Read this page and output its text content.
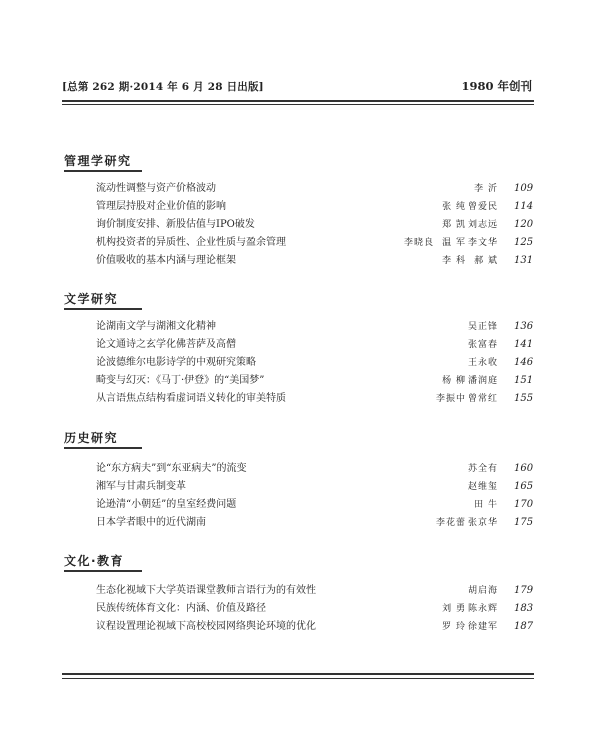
[总第 262 期·2014 年 6 月 28 日出版]	1980 年创刊
管理学研究
流动性调整与资产价格波动	李 沂 109
管理层持股对企业价值的影响	张 纯 曾爱民 114
询价制度安排、新股估值与IPO破发	郑 凯 刘志远 120
机构投资者的异质性、企业性质与盈余管理	李晓良 温 军 李文华 125
价值吸收的基本内涵与理论框架	李 科 郝 斌 131
文学研究
论湖南文学与湖湘文化精神	吴正锋 136
论文通诗之玄学化佛菩萨及高僧	张富春 141
论波德维尔电影诗学的中观研究策略	王永收 146
畸变与幻灭：《马丁·伊登》的“美国梦”	杨 柳 潘润庭 151
从言语焦点结构看虚词语义转化的审美特质	李振中 曾常红 155
历史研究
论“东方病夫”到“东亚病夫”的流变	苏全有 160
湘军与甘肃兵制变革	赵维玺 165
论逊清“小朝廷”的皇室经费问题	田 牛 170
日本学者眼中的近代湖南	李花蕾 张京华 175
文化·教育
生态化视域下大学英语课堂教师言语行为的有效性	胡启海 179
民族传统体育文化：内涵、价值及路径	刘 勇 陈永辉 183
议程设置理论视域下高校校园网络舆论环境的优化	罗 玲 徐建军 187
